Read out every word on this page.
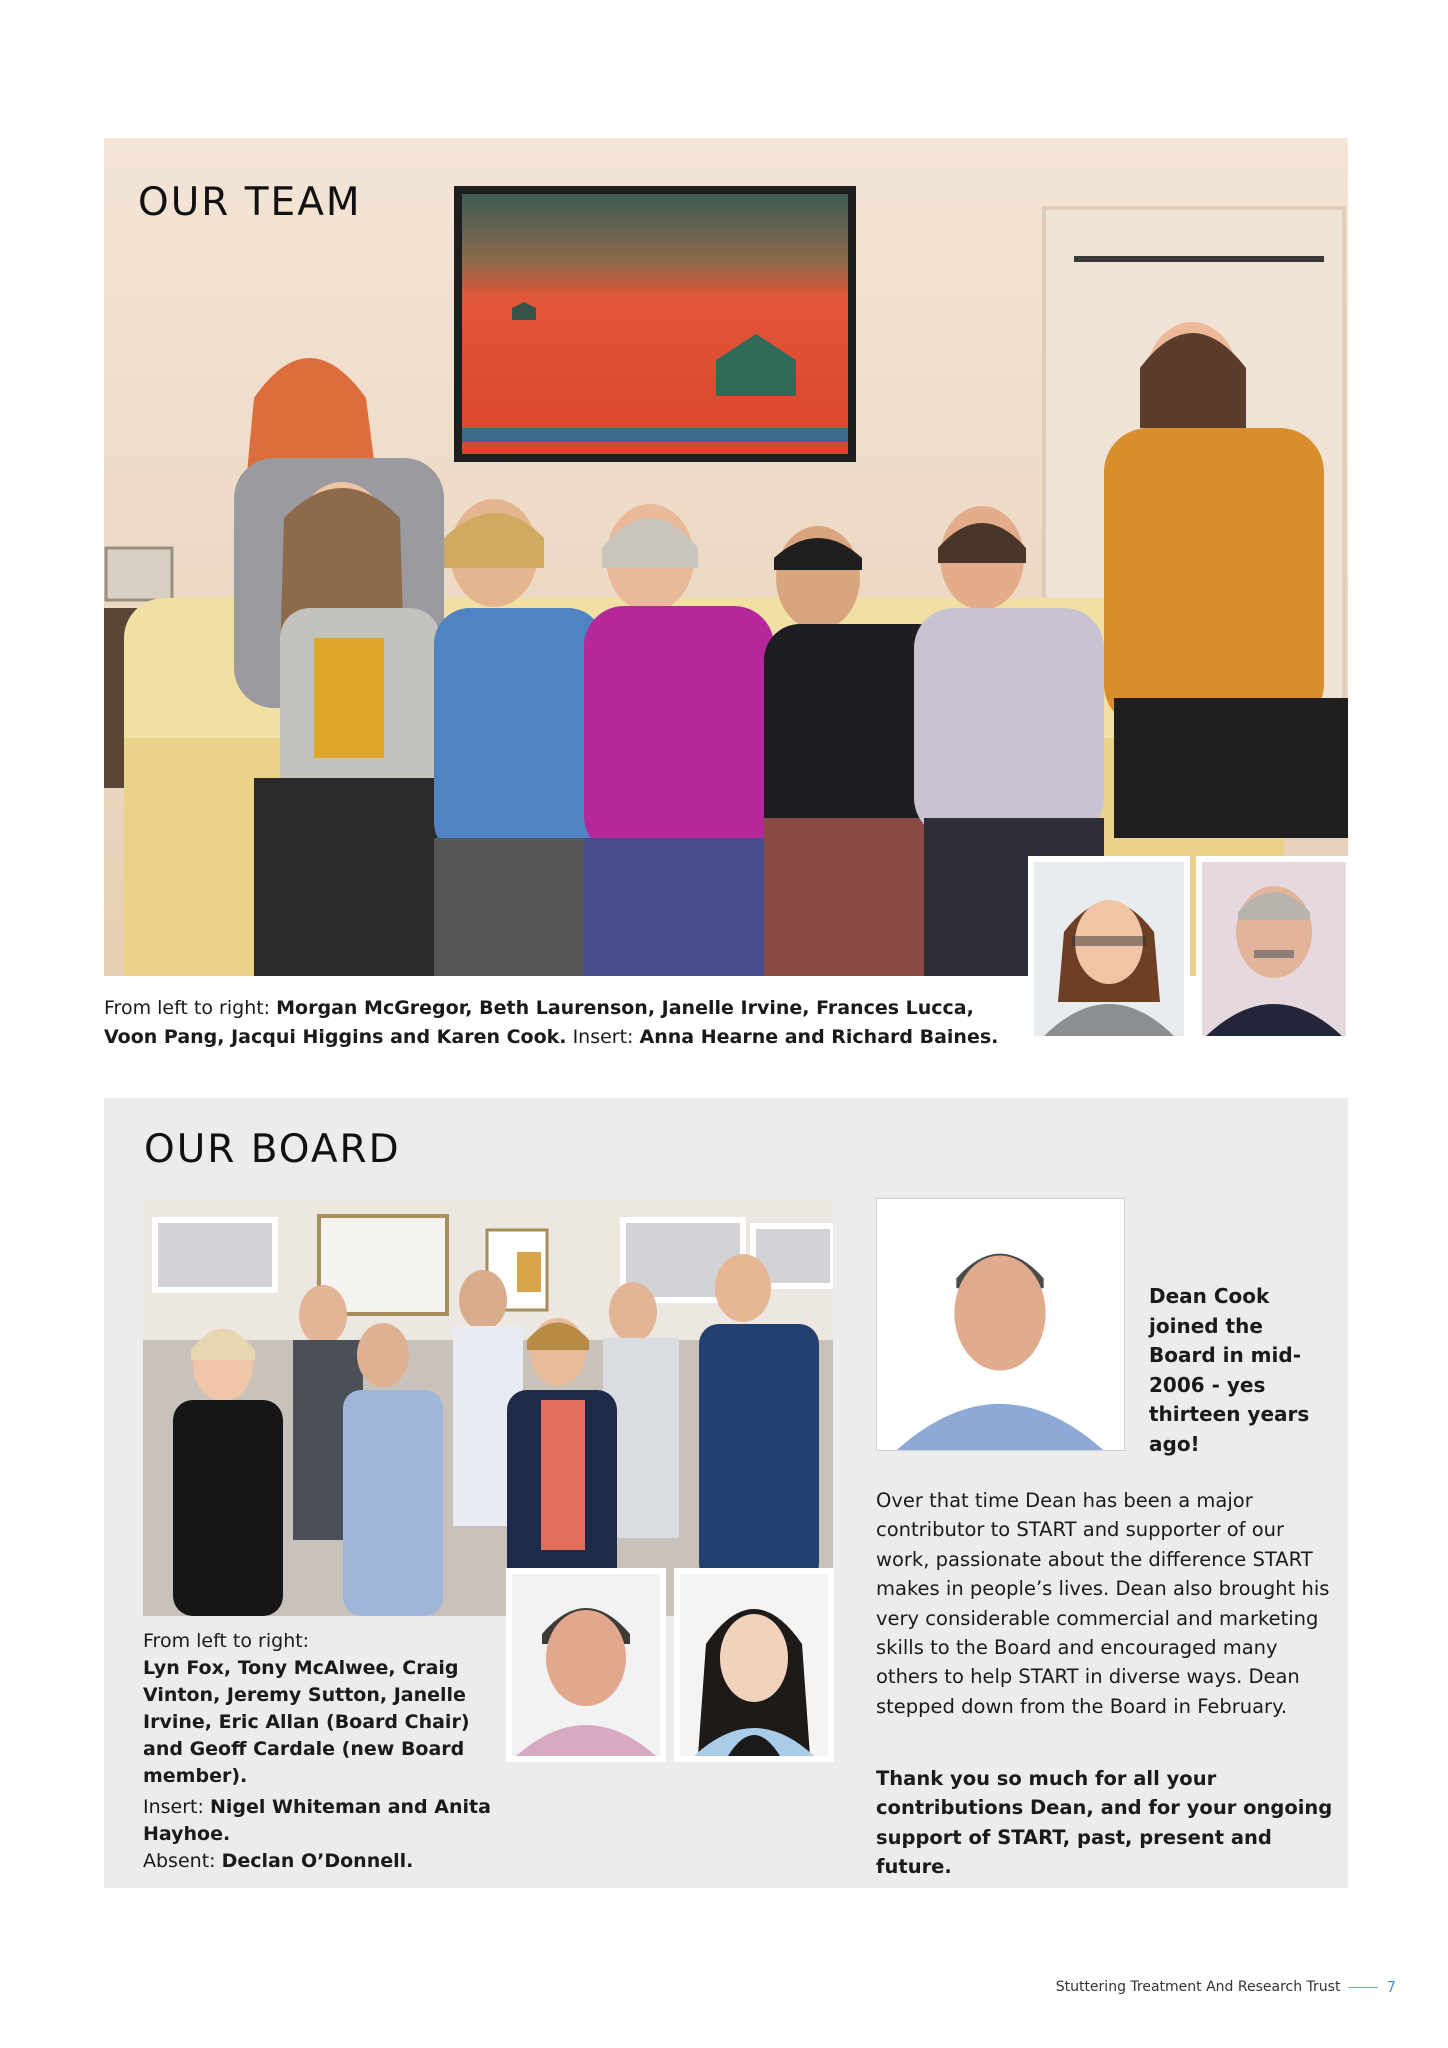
OUR TEAM
From left to right: Morgan McGregor, Beth Laurenson, Janelle Irvine, Frances Lucca, Voon Pang, Jacqui Higgins and Karen Cook. Insert: Anna Hearne and Richard Baines.
OUR BOARD
From left to right:
Lyn Fox, Tony McAlwee, Craig Vinton, Jeremy Sutton, Janelle Irvine, Eric Allan (Board Chair) and Geoff Cardale (new Board member).
Insert: Nigel Whiteman and Anita Hayhoe.
Absent: Declan O’Donnell.
Dean Cook joined the Board in mid-2006 - yes thirteen years ago!
Over that time Dean has been a major contributor to START and supporter of our work, passionate about the difference START makes in people’s lives. Dean also brought his very considerable commercial and marketing skills to the Board and encouraged many others to help START in diverse ways. Dean stepped down from the Board in February.
Thank you so much for all your contributions Dean, and for your ongoing support of START, past, present and future.
Stuttering Treatment And Research Trust	7
